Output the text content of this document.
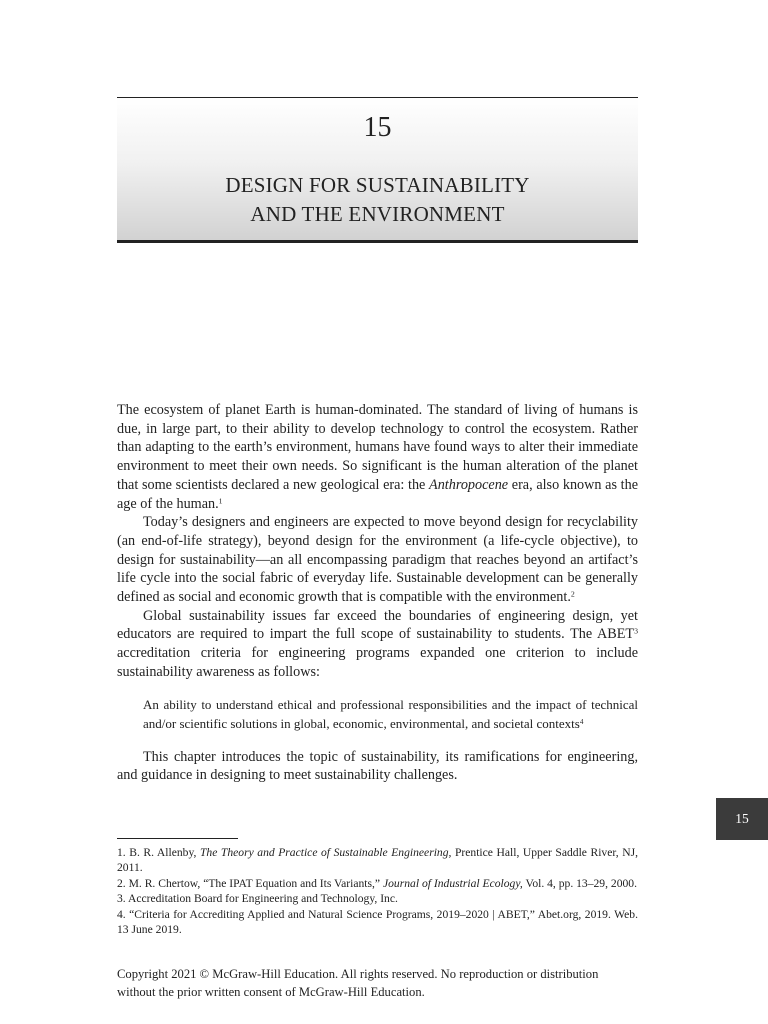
15
DESIGN FOR SUSTAINABILITY
AND THE ENVIRONMENT

The ecosystem of planet Earth is human-dominated. The standard of living of humans is due, in large part, to their ability to develop technology to control the ecosystem. Rather than adapting to the earth’s environment, humans have found ways to alter their immediate environment to meet their own needs. So significant is the human alteration of the planet that some scientists declared a new geological era: the Anthropocene era, also known as the age of the human.$^1$

Today’s designers and engineers are expected to move beyond design for recyclability (an end-of-life strategy), beyond design for the environment (a life-cycle objective), to design for sustainability—an all encompassing paradigm that reaches beyond an artifact’s life cycle into the social fabric of everyday life. Sustainable development can be generally defined as social and economic growth that is compatible with the environment.$^2$

Global sustainability issues far exceed the boundaries of engineering design, yet educators are required to impart the full scope of sustainability to students. The ABET$^3$ accreditation criteria for engineering programs expanded one criterion to include sustainability awareness as follows:

An ability to understand ethical and professional responsibilities and the impact of technical and/or scientific solutions in global, economic, environmental, and societal contexts$^4$

This chapter introduces the topic of sustainability, its ramifications for engineering, and guidance in designing to meet sustainability challenges.

1. B. R. Allenby, The Theory and Practice of Sustainable Engineering, Prentice Hall, Upper Saddle River, NJ, 2011.

2. M. R. Chertow, “The IPAT Equation and Its Variants,” Journal of Industrial Ecology, Vol. 4, pp. 13–29, 2000.

3. Accreditation Board for Engineering and Technology, Inc.

4. “Criteria for Accrediting Applied and Natural Science Programs, 2019–2020 | ABET,” Abet.org, 2019. Web. 13 June 2019.

Copyright 2021 © McGraw-Hill Education. All rights reserved. No reproduction or distribution

without the prior written consent of McGraw-Hill Education.

15
